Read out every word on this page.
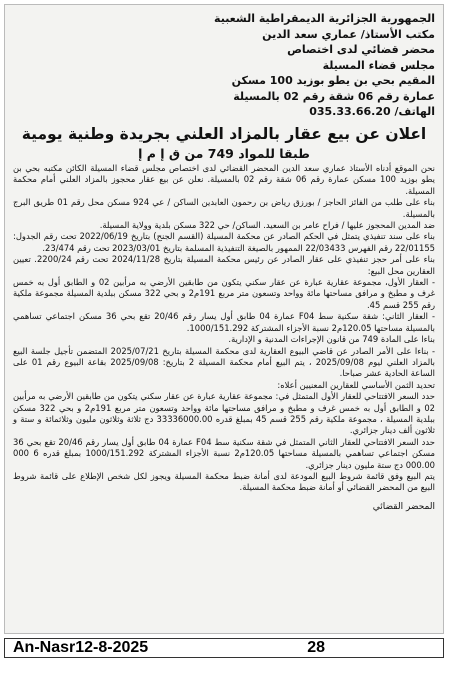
الجمهورية الجزائرية الديمقراطية الشعبية
مكتب الأستاذ/ عماري سعد الدين
محضر قضائي لدى اختصاص
مجلس قضاء المسيلة
المقيم بحي بن يطو بوزيد 100 مسكن
عمارة رقم 06 شقة رقم 02 بالمسيلة
الهاتف/ 035.33.66.20
اعلان عن بيع عقار بالمزاد العلني بجريدة وطنية يومية
طبقا للمواد 749 من ق إ م إ

نحن الموقع أدناه الأستاذ عماري سعد الدين المحضر القضائي لدى اختصاص مجلس قضاء المسيلة الكائن مكتبه بحي بن يطو بوزيد 100 مسكن عمارة رقم 06 شقة رقم 02 بالمسيلة. نعلن عن بيع عقار محجوز بالمزاد العلني أمام محكمة المسيلة.

بناء على طلب من الفائز الحاجز / بورزق رياض بن رحمون العابدين الساكن / عي 924 مسكن محل رقم 01 طريق البرج بالمسيلة.

ضد المدين المحجوز عليها / فراح عامر بن السعيد. الساكن/ حي 322 مسكن بلدية وولاية المسيلة.

بناء على سند تنفيذي يتمثل في الحكم الصادر عن محكمة المسيلة (القسم الجنح) بتاريخ 2022/06/19 تحت رقم الجدول: 22/01155 رقم الفهرس 22/03433 الممهور بالصيغة التنفيذية المسلمة بتاريخ 2023/03/01 تحت رقم 23/474.

بناء على أمر حجز تنفيذي على عقار الصادر عن رئيس محكمة المسيلة بتاريخ 2024/11/28 تحت رقم 2200/24. تعيين العقارين محل البيع:

- العقار الأول، مجموعة عقارية عبارة عن عقار سكني يتكون من طابقين الأرضي به مرأبين 02 و الطابق أول به خمس غرف و مطبخ و مرافق مساحتها مائة وواحد وتسعون متر مربع 191م2 و بحي 322 مسكن ببلدية المسيلة مجموعة ملكية رقم 255 قسم 45.

- العقار الثاني: شقة سكنية سط F04 عمارة 04 طابق أول يسار رقم 20/46 تقع بحي 36 مسكن اجتماعي تساهمي بالمسيلة مساحتها 120.05م2 نسبة الأجزاء المشتركة 1000/151.292.

بناءا على المادة 749 من قانون الإجراءات المدنية و الإدارية.

- بناءا على الأمر الصادر عن قاضي البيوع العقارية لدى محكمة المسيلة بتاريخ 2025/07/21 المتضمن تأجيل جلسة البيع بالمزاد العلني ليوم 2025/09/08 ، يتم البيع أمام محكمة المسيلة 2 بتاريخ: 2025/09/08 بقاعة البيوع رقم 01 على الساعة الحادية عشر صباحا.

تحديد الثمن الأساسي للعقارين المعنيين أعلاه:

حدد السعر الافتتاحي للعقار الأول المتمثل في: مجموعة عقارية عبارة عن عقار سكني يتكون من طابقين الأرضي به مرأبين 02 و الطابق أول به خمس غرف و مطبخ و مرافق مساحتها مائة وواحد وتسعون متر مربع 191م2 و بحي 322 مسكن ببلدية المسيلة ، مجموعة ملكية رقم 255 قسم 45 بمبلغ قدره 33336000.00 دج ثلاثة وثلاثون مليون وثلاثمائة و ستة و ثلاثون ألف دينار جزائري.

حدد السعر الافتتاحي للعقار الثاني المتمثل في شقة سكنية سط F04 عمارة 04 طابق أول يسار رقم 20/46 تقع بحي 36 مسكن اجتماعي تساهمي بالمسيلة مساحتها 120.05م2 نسبة الأجزاء المشتركة 1000/151.292 بمبلغ قدره 6 000 000.00 دج ستة مليون دينار جزائري.

يتم البيع وفق قائمة شروط البيع المودعة لدى أمانة ضبط محكمة المسيلة ويجوز لكل شخص الإطلاع على قائمة شروط البيع من المحضر القضائي أو أمانة ضبط محكمة المسيلة.

المحضر القضائي
An-Nasr12-8-2025	28
